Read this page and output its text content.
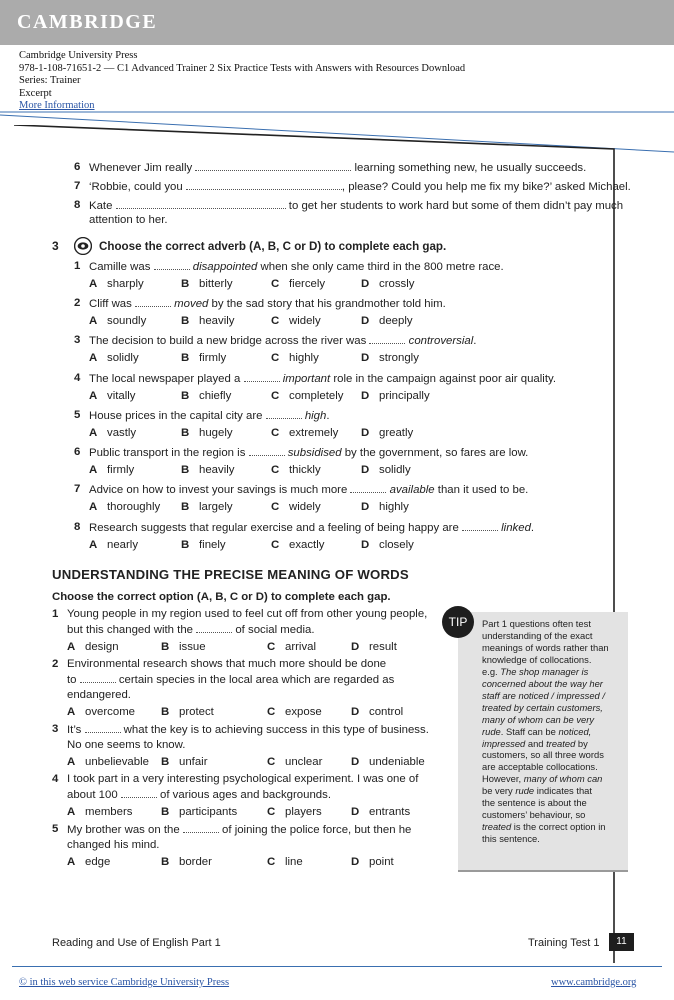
CAMBRIDGE
Cambridge University Press
978-1-108-71651-2 — C1 Advanced Trainer 2 Six Practice Tests with Answers with Resources Download
Series: Trainer
Excerpt
More Information
6 Whenever Jim really	learning something new, he usually succeeds.
7 ‘Robbie, could you	, please? Could you help me fix my bike?’ asked Michael.
8 Kate	to get her students to work hard but some of them didn’t pay much attention to her.
3	Choose the correct adverb (A, B, C or D) to complete each gap.
1 Camille was	disappointed when she only came third in the 800 metre race.
A sharply	B bitterly	C fiercely	D crossly
2 Cliff was	moved by the sad story that his grandmother told him.
A soundly	B heavily	C widely	D deeply
3 The decision to build a new bridge across the river was	controversial.
A solidly	B firmly	C highly	D strongly
4 The local newspaper played a	important role in the campaign against poor air quality.
A vitally	B chiefly	C completely D principally
5 House prices in the capital city are	high.
A vastly	B hugely	C extremely D greatly
6 Public transport in the region is	subsidised by the government, so fares are low.
A firmly	B heavily	C thickly	D solidly
7 Advice on how to invest your savings is much more	available than it used to be.
A thoroughly B largely	C widely	D highly
8 Research suggests that regular exercise and a feeling of being happy are	linked.
A nearly	B finely	C exactly	D closely
UNDERSTANDING THE PRECISE MEANING OF WORDS
Choose the correct option (A, B, C or D) to complete each gap.
1 Young people in my region used to feel cut off from other young people,
but this changed with the	of social media.
A design	B issue	C arrival	D result
2 Environmental research shows that much more should be done
to	certain species in the local area which are regarded as
endangered.
A overcome B protect	C expose	D control
3 It’s	what the key is to achieving success in this type of business.
No one seems to know.
A unbelievable B unfair	C unclear	D undeniable
4 I took part in a very interesting psychological experiment. I was one of
about 100	of various ages and backgrounds.
A members	B participants	C players	D entrants
5 My brother was on the	of joining the police force, but then he
changed his mind.
A edge	B border	C line	D point
Part 1 questions often test
understanding of the exact
meanings of words rather than
knowledge of collocations.
e.g. The shop manager is
concerned about the way her
staff are noticed / impressed /
treated by certain customers,
many of whom can be very
rude. Staff can be noticed,
impressed and treated by
customers, so all three words
are acceptable collocations.
However, many of whom can
be very rude indicates that
the sentence is about the
customers’ behaviour, so
treated is the correct option in
this sentence.
TIP
Reading and Use of English Part 1	Training Test 1	11
© in this web service Cambridge University Press	www.cambridge.org
